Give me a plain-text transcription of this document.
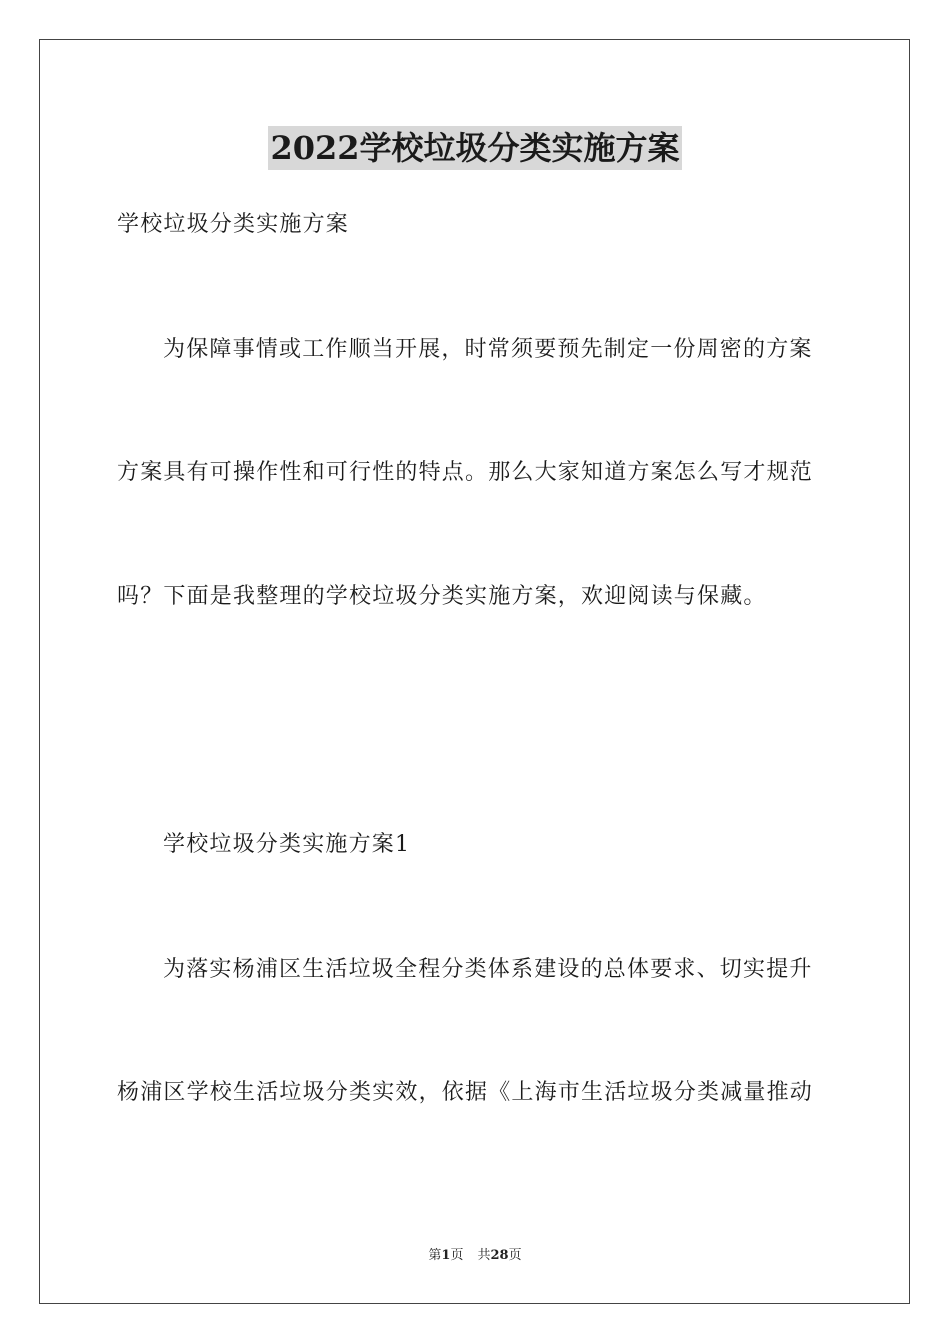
2022学校垃圾分类实施方案
学校垃圾分类实施方案
为保障事情或工作顺当开展，时常须要预先制定一份周密的方案
方案具有可操作性和可行性的特点。那么大家知道方案怎么写才规范
吗？下面是我整理的学校垃圾分类实施方案，欢迎阅读与保藏。
学校垃圾分类实施方案1
为落实杨浦区生活垃圾全程分类体系建设的总体要求、切实提升
杨浦区学校生活垃圾分类实效，依据《上海市生活垃圾分类减量推动
第1页 共28页
